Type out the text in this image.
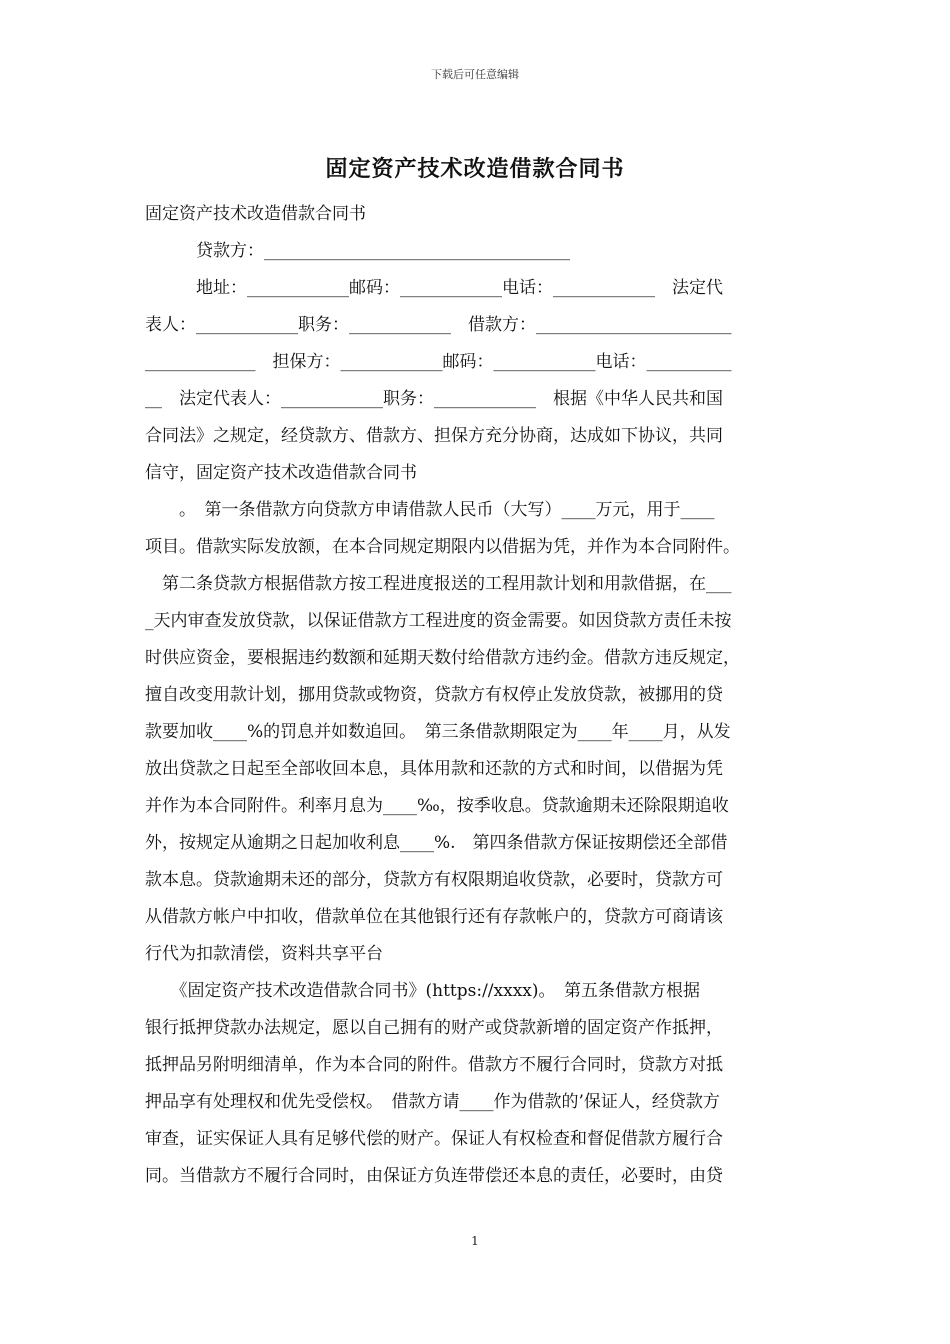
下载后可任意编辑
固定资产技术改造借款合同书
固定资产技术改造借款合同书
　　　贷款方：____________________________________
　　　地址：____________邮码：____________电话：____________　法定代
表人：____________职务：____________　借款方：_______________________
_____________　担保方：____________邮码：____________电话：__________
__　法定代表人：____________职务：____________　根据《中华人民共和国
合同法》之规定，经贷款方、借款方、担保方充分协商，达成如下协议，共同
信守，固定资产技术改造借款合同书
　　。　第一条借款方向贷款方申请借款人民币（大写）____万元，用于____
项目。借款实际发放额，在本合同规定期限内以借据为凭，并作为本合同附件。
　第二条贷款方根据借款方按工程进度报送的工程用款计划和用款借据，在___
_天内审查发放贷款，以保证借款方工程进度的资金需要。如因贷款方责任未按
时供应资金，要根据违约数额和延期天数付给借款方违约金。借款方违反规定，
擅自改变用款计划，挪用贷款或物资，贷款方有权停止发放贷款，被挪用的贷
款要加收____%的罚息并如数追回。　第三条借款期限定为____年____月，从发
放出贷款之日起至全部收回本息，具体用款和还款的方式和时间，以借据为凭
并作为本合同附件。利率月息为____‰，按季收息。贷款逾期未还除限期追收
外，按规定从逾期之日起加收利息____%.　第四条借款方保证按期偿还全部借
款本息。贷款逾期未还的部分，贷款方有权限期追收贷款，必要时，贷款方可
从借款方帐户中扣收，借款单位在其他银行还有存款帐户的，贷款方可商请该
行代为扣款清偿，资料共享平台
　　《固定资产技术改造借款合同书》(https://xxxx)。　第五条借款方根据
银行抵押贷款办法规定，愿以自己拥有的财产或贷款新增的固定资产作抵押，
抵押品另附明细清单，作为本合同的附件。借款方不履行合同时，贷款方对抵
押品享有处理权和优先受偿权。　借款方请____作为借款的’保证人，经贷款方
审查，证实保证人具有足够代偿的财产。保证人有权检查和督促借款方履行合
同。当借款方不履行合同时，由保证方负连带偿还本息的责任，必要时，由贷
1
